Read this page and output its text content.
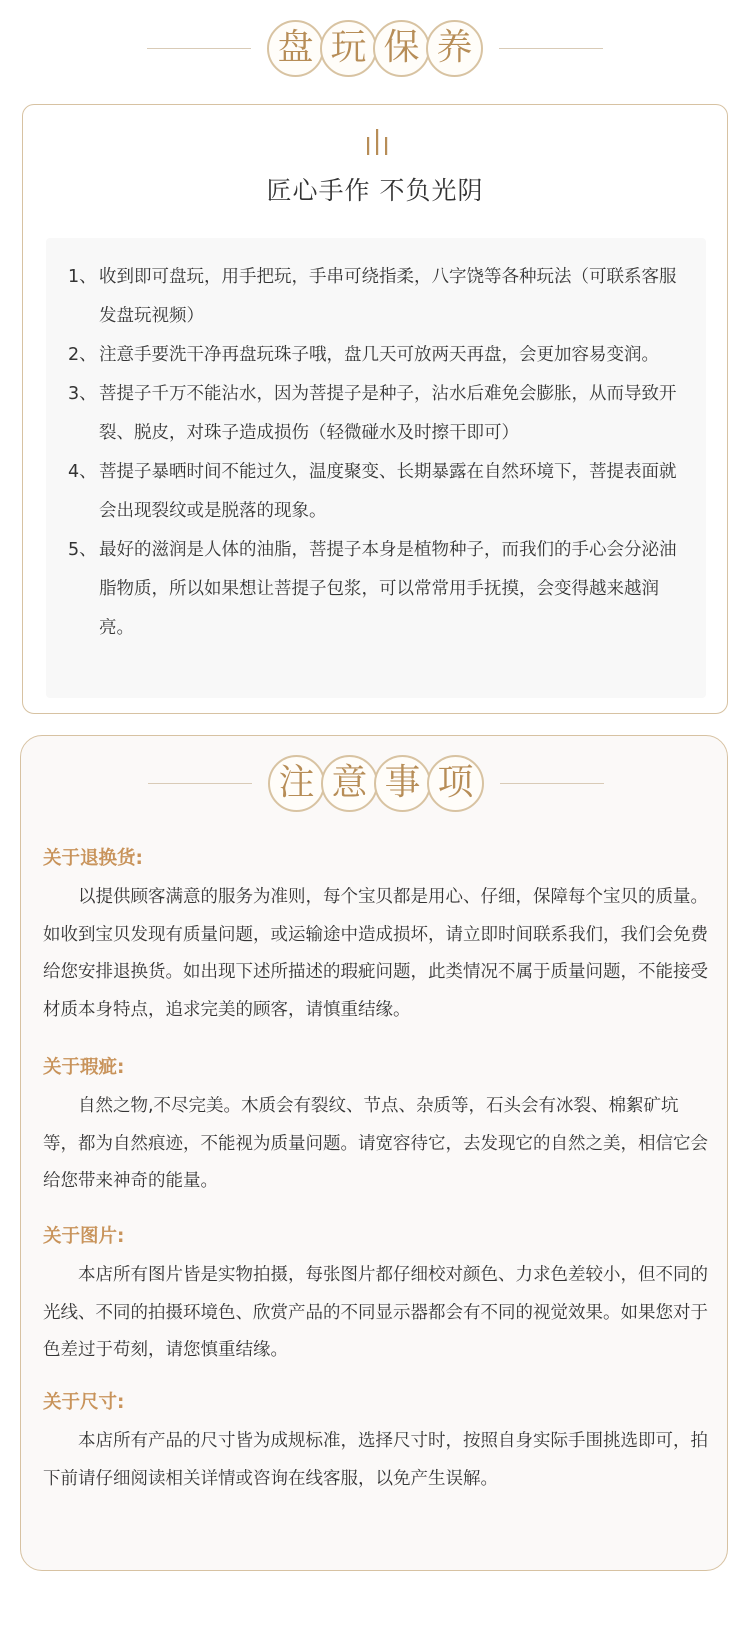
盘 玩 保 养
匠心手作 不负光阴
1、 收到即可盘玩，用手把玩，手串可绕指柔，八字饶等各种玩法（可联系客服发盘玩视频）
2、 注意手要洗干净再盘玩珠子哦，盘几天可放两天再盘，会更加容易变润。
3、 菩提子千万不能沾水，因为菩提子是种子，沾水后难免会膨胀，从而导致开裂、脱皮，对珠子造成损伤（轻微碰水及时擦干即可）
4、 菩提子暴晒时间不能过久，温度聚变、长期暴露在自然环境下，菩提表面就会出现裂纹或是脱落的现象。
5、 最好的滋润是人体的油脂，菩提子本身是植物种子，而我们的手心会分泌油脂物质，所以如果想让菩提子包浆，可以常常用手抚摸，会变得越来越润亮。
注 意 事 项
关于退换货:
以提供顾客满意的服务为准则，每个宝贝都是用心、仔细，保障每个宝贝的质量。如收到宝贝发现有质量问题，或运输途中造成损坏，请立即时间联系我们，我们会免费给您安排退换货。如出现下述所描述的瑕疵问题，此类情况不属于质量问题，不能接受材质本身特点，追求完美的顾客，请慎重结缘。
关于瑕疵:
自然之物,不尽完美。木质会有裂纹、节点、杂质等，石头会有冰裂、棉絮矿坑等，都为自然痕迹，不能视为质量问题。请宽容待它，去发现它的自然之美，相信它会给您带来神奇的能量。
关于图片:
本店所有图片皆是实物拍摄，每张图片都仔细校对颜色、力求色差较小，但不同的光线、不同的拍摄环境色、欣赏产品的不同显示器都会有不同的视觉效果。如果您对于色差过于苟刻，请您慎重结缘。
关于尺寸:
本店所有产品的尺寸皆为成规标准，选择尺寸时，按照自身实际手围挑选即可，拍下前请仔细阅读相关详情或咨询在线客服，以免产生误解。
